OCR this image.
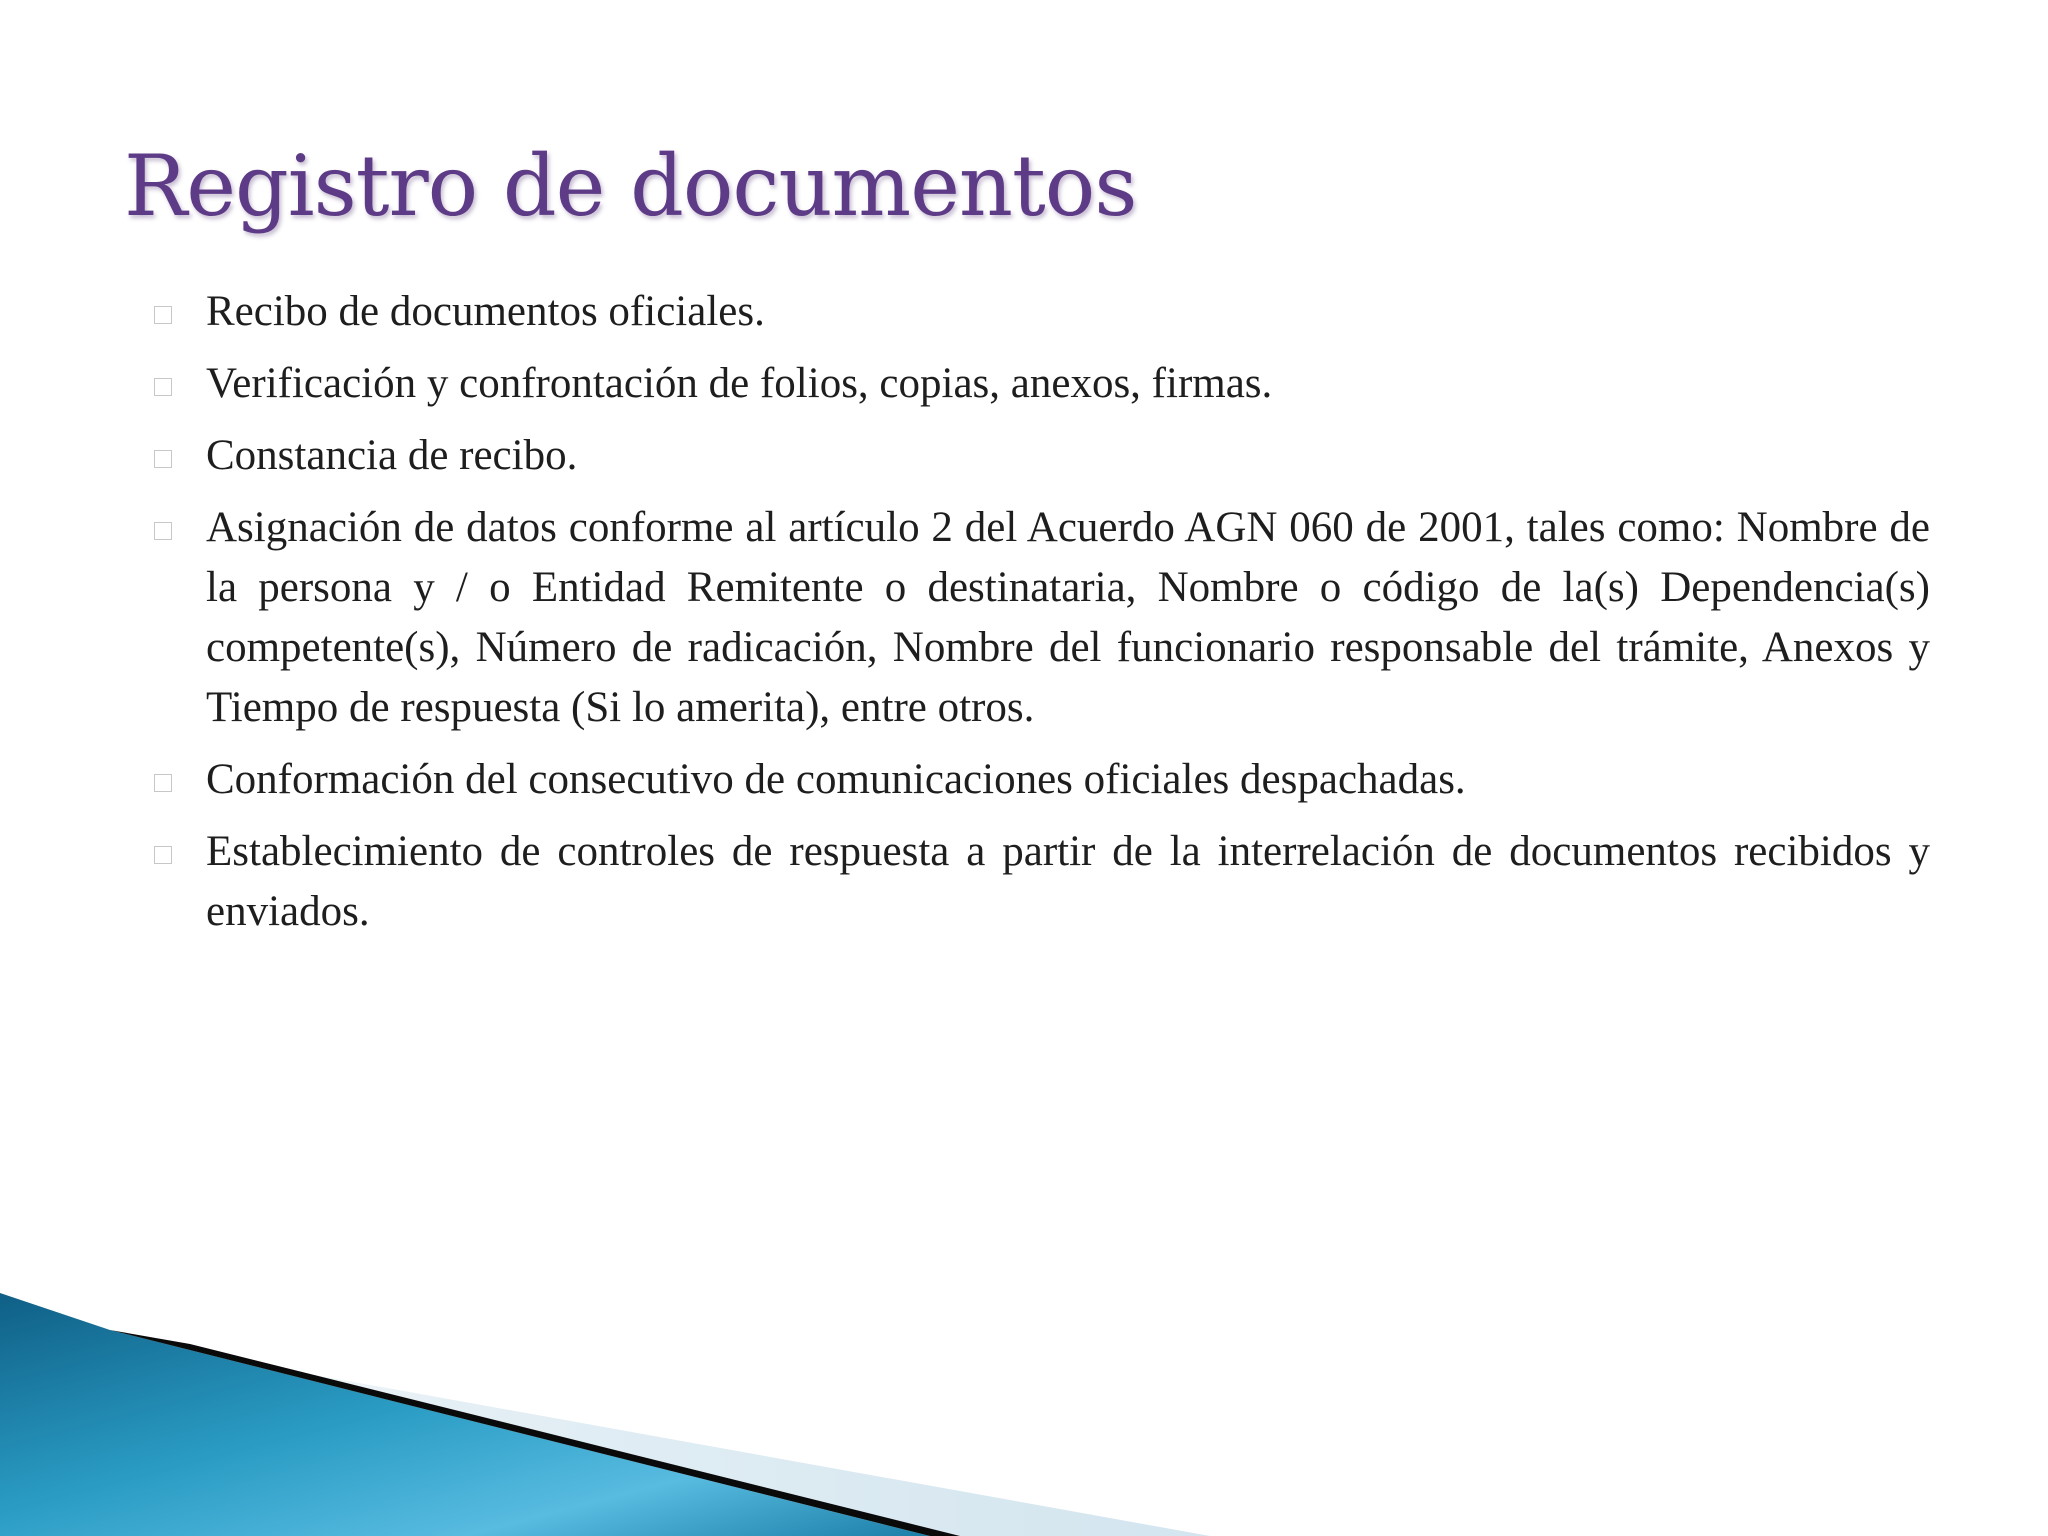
Registro de documentos
Recibo de documentos oficiales.
Verificación y confrontación de folios, copias, anexos, firmas.
Constancia de recibo.
Asignación de datos conforme al artículo 2 del Acuerdo AGN 060 de 2001, tales como: Nombre de la persona y / o Entidad Remitente o destinataria, Nombre o código de la(s) Dependencia(s) competente(s), Número de radicación, Nombre del funcionario responsable del trámite, Anexos y Tiempo de respuesta (Si lo amerita), entre otros.
Conformación del consecutivo de comunicaciones oficiales despachadas.
Establecimiento de controles de respuesta a partir de la interrelación de documentos recibidos y enviados.
